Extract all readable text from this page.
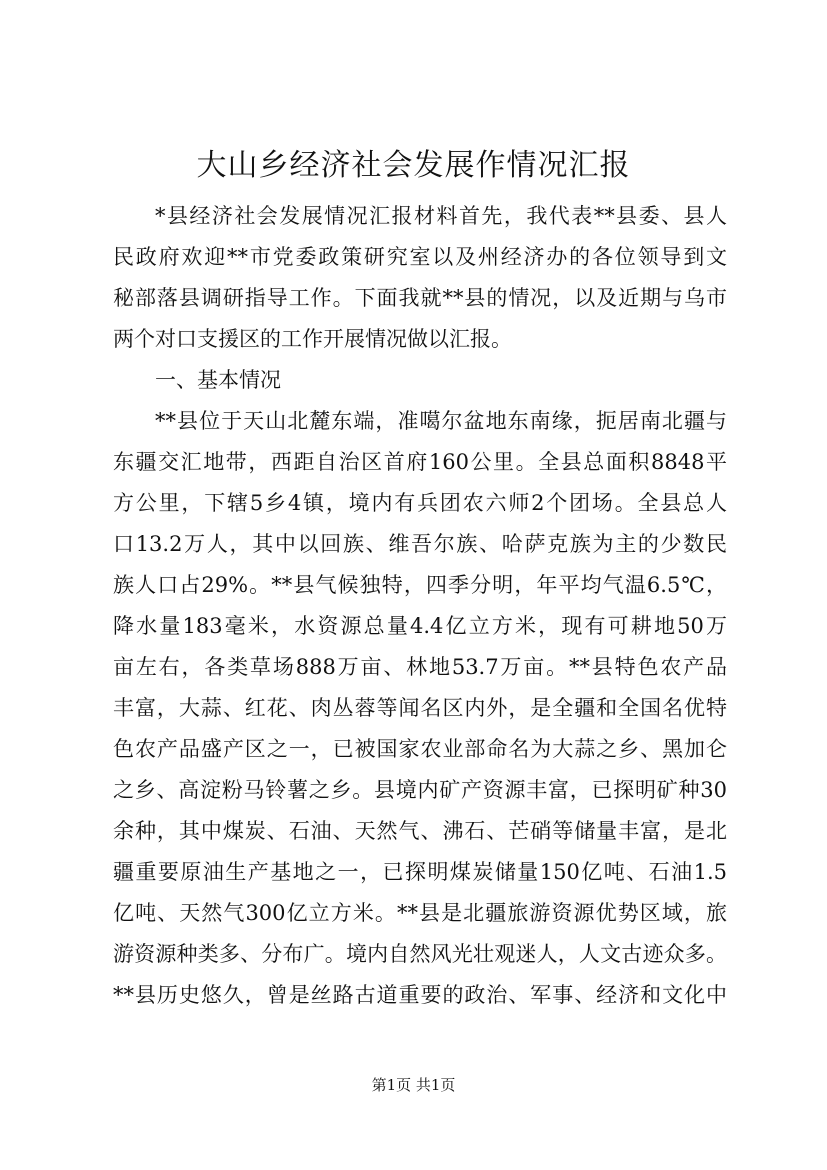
大山乡经济社会发展作情况汇报
*县经济社会发展情况汇报材料首先，我代表**县委、县人
民政府欢迎**市党委政策研究室以及州经济办的各位领导到文
秘部落县调研指导工作。下面我就**县的情况，以及近期与乌市
两个对口支援区的工作开展情况做以汇报。
一、基本情况
**县位于天山北麓东端，准噶尔盆地东南缘，扼居南北疆与
东疆交汇地带，西距自治区首府160公里。全县总面积8848平
方公里，下辖5乡4镇，境内有兵团农六师2个团场。全县总人
口13.2万人，其中以回族、维吾尔族、哈萨克族为主的少数民
族人口占29%。**县气候独特，四季分明，年平均气温6.5℃，
降水量183毫米，水资源总量4.4亿立方米，现有可耕地50万
亩左右，各类草场888万亩、林地53.7万亩。**县特色农产品
丰富，大蒜、红花、肉丛蓉等闻名区内外，是全疆和全国名优特
色农产品盛产区之一，已被国家农业部命名为大蒜之乡、黑加仑
之乡、高淀粉马铃薯之乡。县境内矿产资源丰富，已探明矿种30
余种，其中煤炭、石油、天然气、沸石、芒硝等储量丰富，是北
疆重要原油生产基地之一，已探明煤炭储量150亿吨、石油1.5
亿吨、天然气300亿立方米。**县是北疆旅游资源优势区域，旅
游资源种类多、分布广。境内自然风光壮观迷人，人文古迹众多。
**县历史悠久，曾是丝路古道重要的政治、军事、经济和文化中
第1页 共1页
